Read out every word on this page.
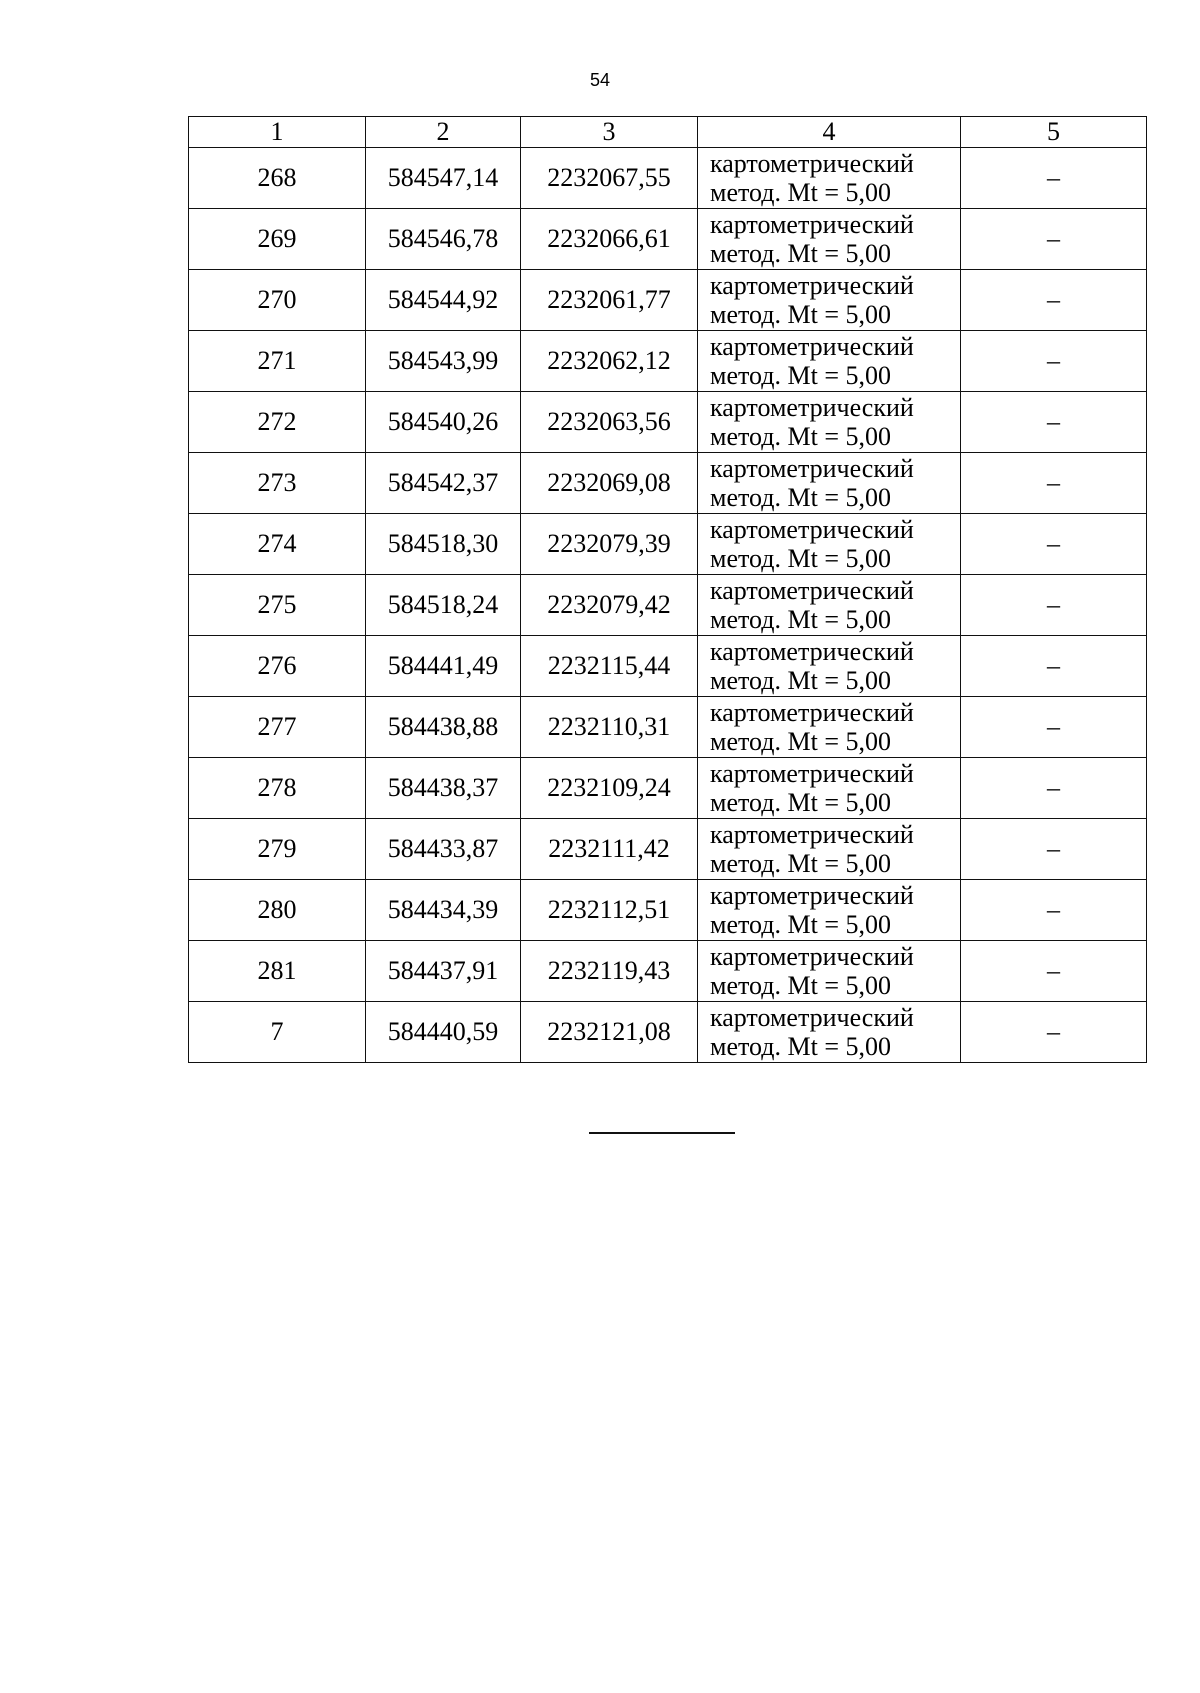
54
1	2	3	4	5
268	584547,14	2232067,55	картометрический
метод. Mt = 5,00	–
269	584546,78	2232066,61	картометрический
метод. Mt = 5,00	–
270	584544,92	2232061,77	картометрический
метод. Mt = 5,00	–
271	584543,99	2232062,12	картометрический
метод. Mt = 5,00	–
272	584540,26	2232063,56	картометрический
метод. Mt = 5,00	–
273	584542,37	2232069,08	картометрический
метод. Mt = 5,00	–
274	584518,30	2232079,39	картометрический
метод. Mt = 5,00	–
275	584518,24	2232079,42	картометрический
метод. Mt = 5,00	–
276	584441,49	2232115,44	картометрический
метод. Mt = 5,00	–
277	584438,88	2232110,31	картометрический
метод. Mt = 5,00	–
278	584438,37	2232109,24	картометрический
метод. Mt = 5,00	–
279	584433,87	2232111,42	картометрический
метод. Mt = 5,00	–
280	584434,39	2232112,51	картометрический
метод. Mt = 5,00	–
281	584437,91	2232119,43	картометрический
метод. Mt = 5,00	–
7	584440,59	2232121,08	картометрический
метод. Mt = 5,00	–
